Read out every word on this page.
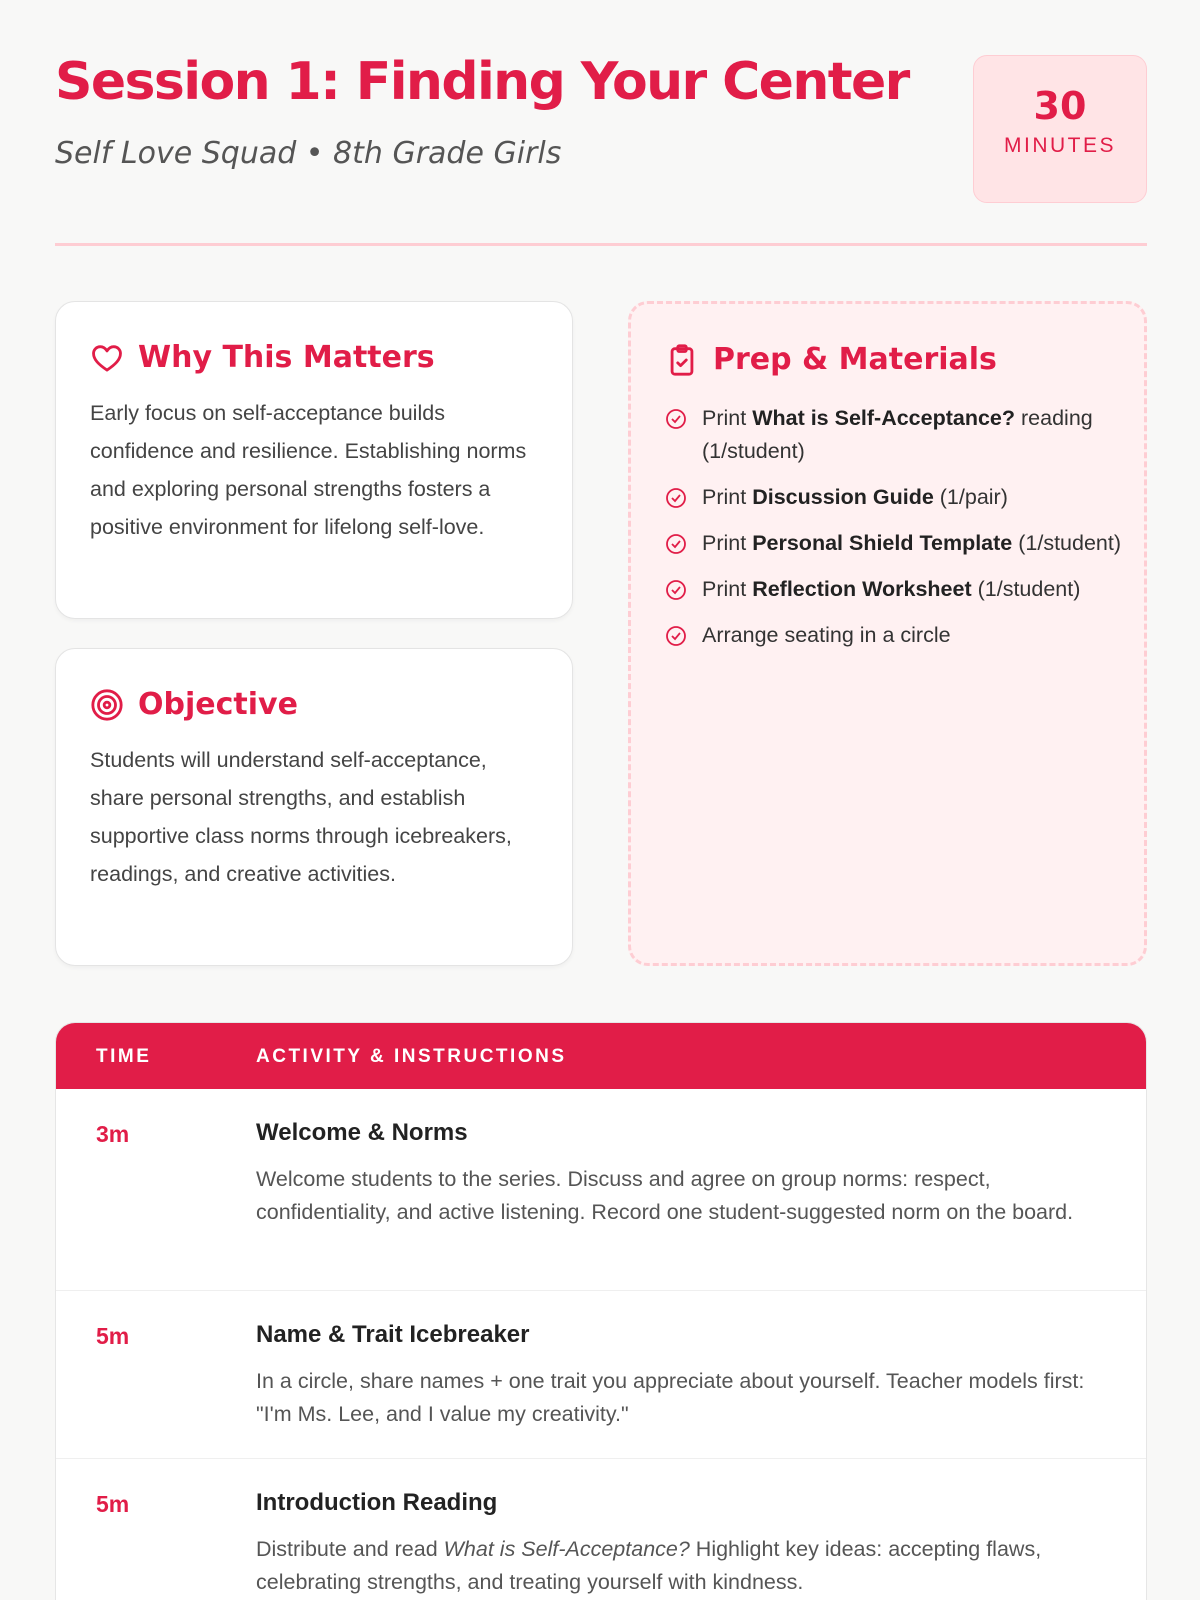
Session 1: Finding Your Center
Self Love Squad • 8th Grade Girls
30
MINUTES
Why This Matters

Early focus on self-acceptance builds confidence and resilience. Establishing norms and exploring personal strengths fosters a positive environment for lifelong self-love.

Objective

Students will understand self-acceptance, share personal strengths, and establish supportive class norms through icebreakers, readings, and creative activities.

Prep & Materials
Print What is Self-Acceptance? reading (1/student)
Print Discussion Guide (1/pair)
Print Personal Shield Template (1/student)
Print Reflection Worksheet (1/student)
Arrange seating in a circle
TIME	ACTIVITY & INSTRUCTIONS
3m	Welcome & Norms
Welcome students to the series. Discuss and agree on group norms: respect, confidentiality, and active listening. Record one student-suggested norm on the board.
5m	Name & Trait Icebreaker
In a circle, share names + one trait you appreciate about yourself. Teacher models first: "I'm Ms. Lee, and I value my creativity."
5m	Introduction Reading
Distribute and read What is Self-Acceptance? Highlight key ideas: accepting flaws, celebrating strengths, and treating yourself with kindness.
